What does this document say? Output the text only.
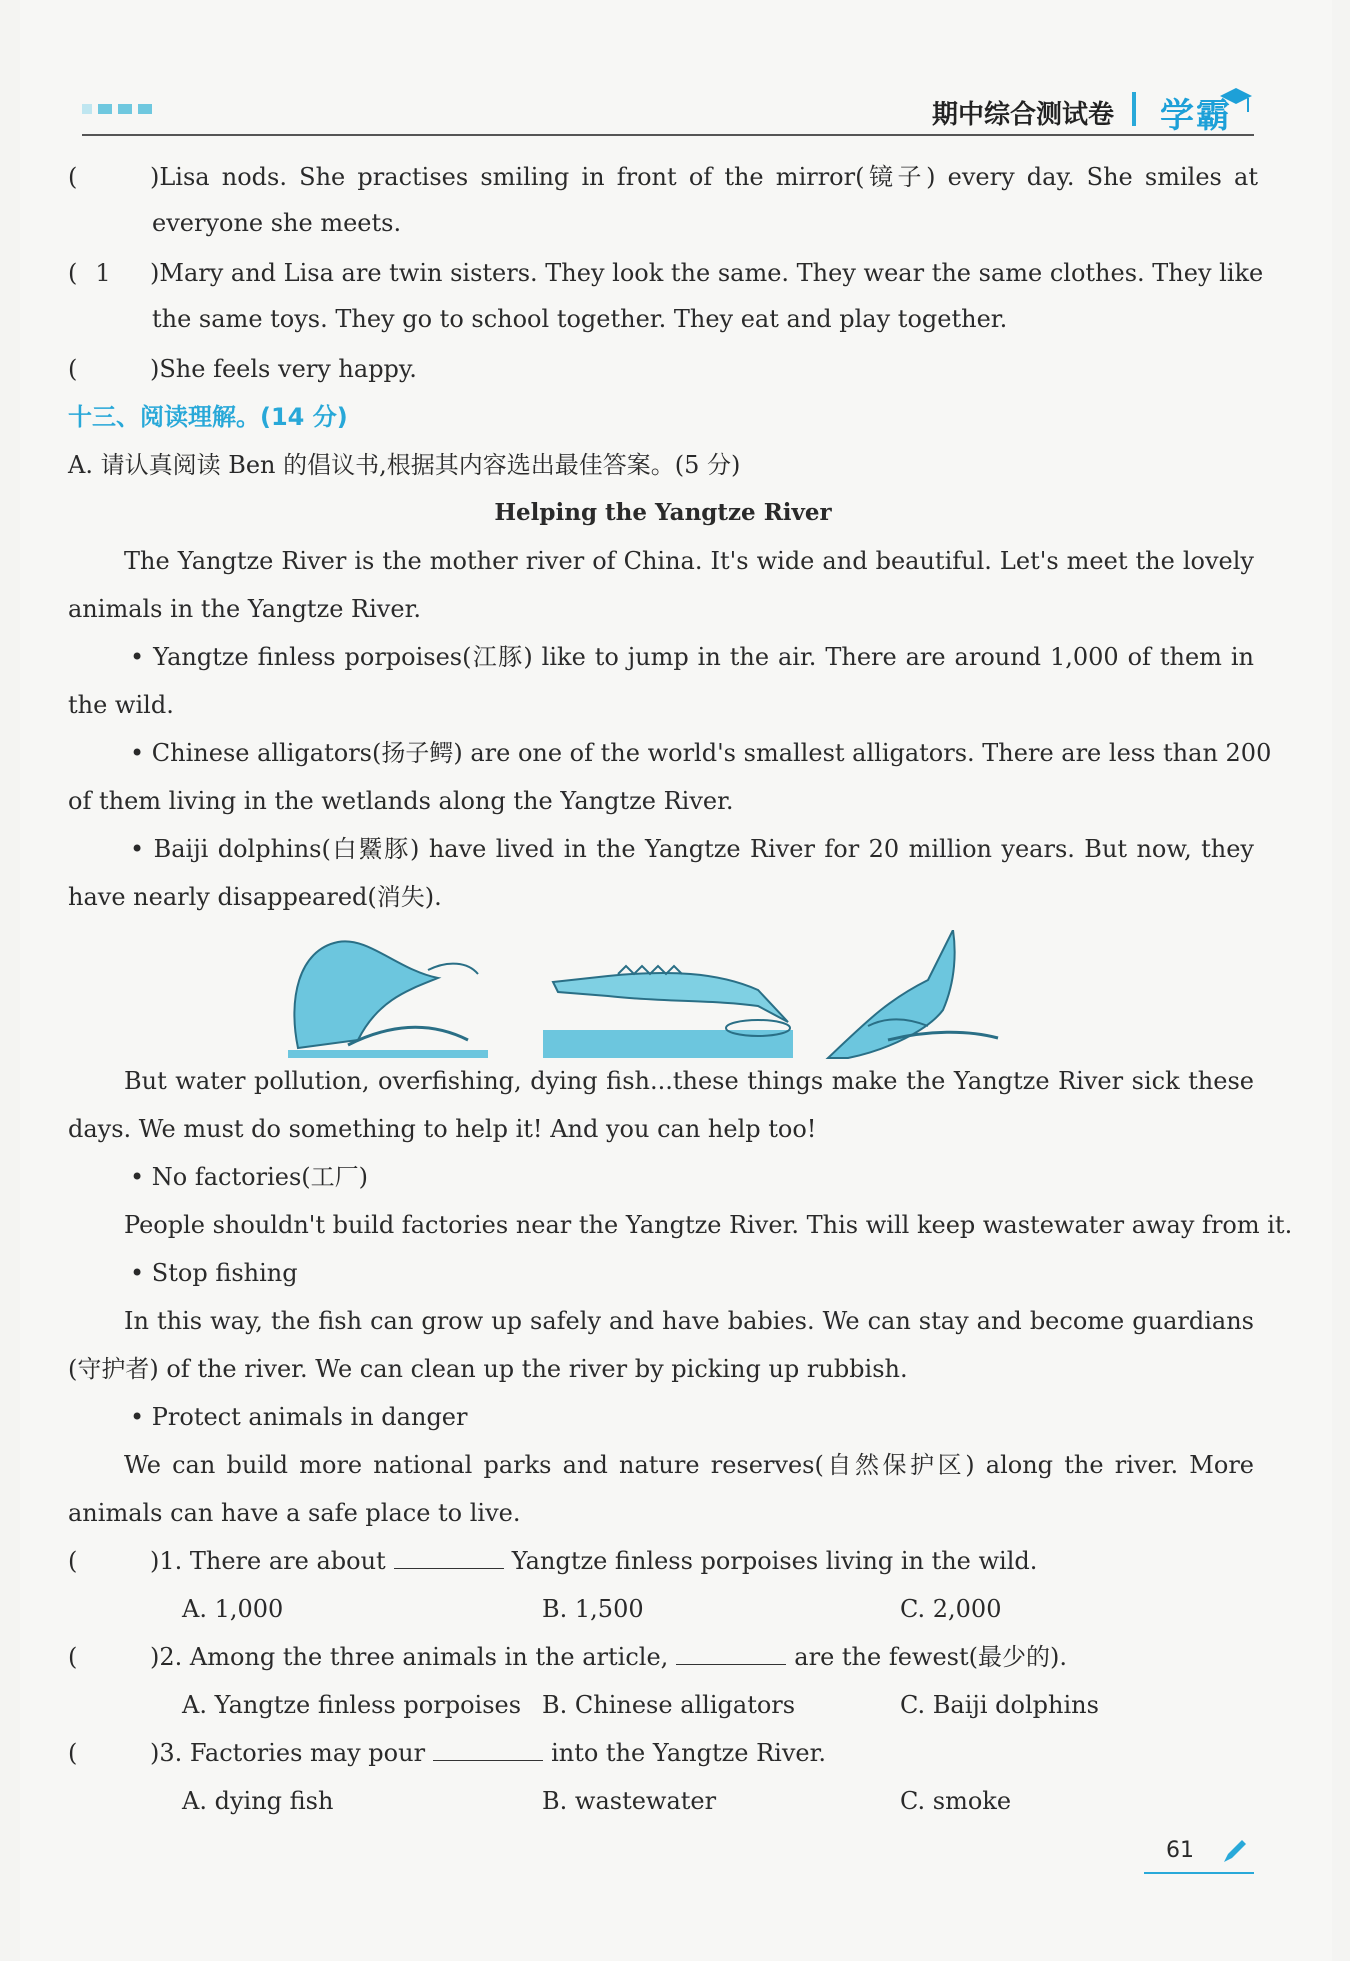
期中综合测试卷 学霸
(	)Lisa nods. She practises smiling in front of the mirror(镜子) every day. She smiles at
everyone she meets.
( 1 )Mary and Lisa are twin sisters. They look the same. They wear the same clothes. They like
the same toys. They go to school together. They eat and play together.
(	)She feels very happy.
十三、阅读理解。(14 分)
A. 请认真阅读 Ben 的倡议书,根据其内容选出最佳答案。(5 分)
Helping the Yangtze River
The Yangtze River is the mother river of China. It's wide and beautiful. Let's meet the lovely
animals in the Yangtze River.
• Yangtze finless porpoises(江豚) like to jump in the air. There are around 1,000 of them in
the wild.
• Chinese alligators(扬子鳄) are one of the world's smallest alligators. There are less than 200
of them living in the wetlands along the Yangtze River.
• Baiji dolphins(白鱀豚) have lived in the Yangtze River for 20 million years. But now, they
have nearly disappeared(消失).
But water pollution, overfishing, dying fish...these things make the Yangtze River sick these
days. We must do something to help it! And you can help too!
• No factories(工厂)
People shouldn't build factories near the Yangtze River. This will keep wastewater away from it.
• Stop fishing
In this way, the fish can grow up safely and have babies. We can stay and become guardians
(守护者) of the river. We can clean up the river by picking up rubbish.
• Protect animals in danger
We can build more national parks and nature reserves(自然保护区) along the river. More
animals can have a safe place to live.
(	)1. There are about	Yangtze finless porpoises living in the wild.
A. 1,000	B. 1,500	C. 2,000
(	)2. Among the three animals in the article,	are the fewest(最少的).
A. Yangtze finless porpoises B. Chinese alligators	C. Baiji dolphins
(	)3. Factories may pour	into the Yangtze River.
A. dying fish	B. wastewater	C. smoke
61
